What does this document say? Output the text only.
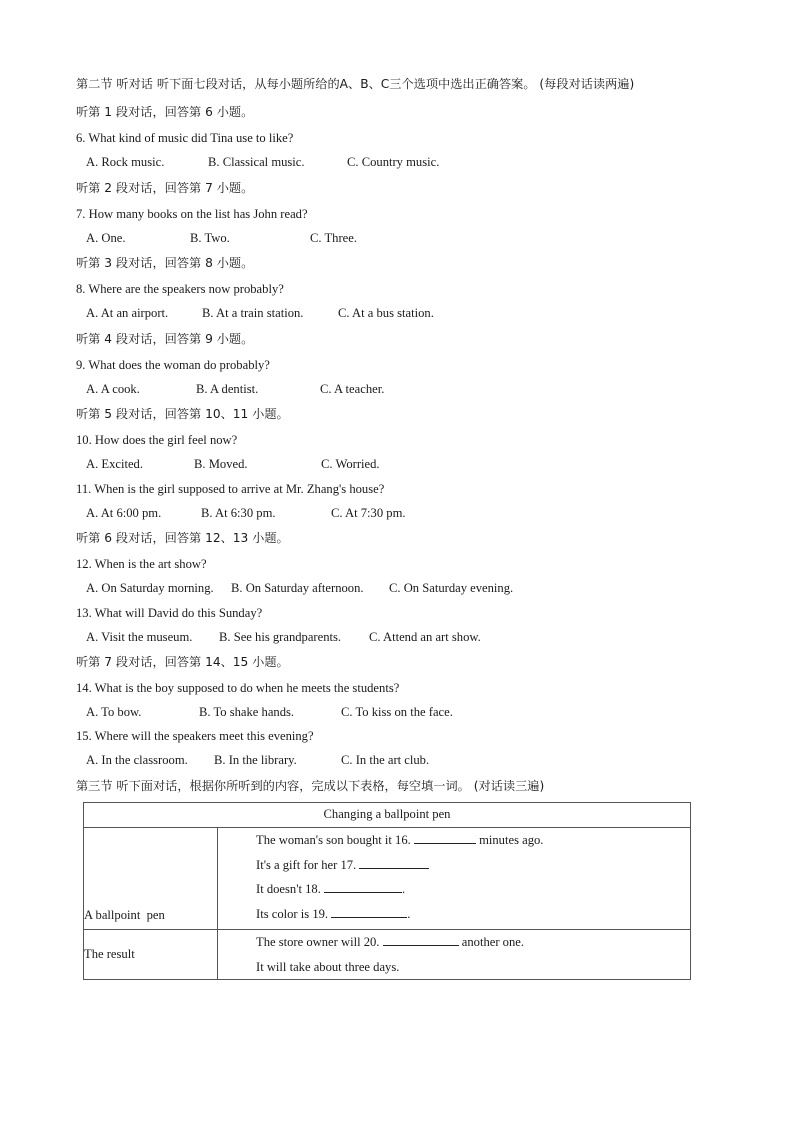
第二节 听对话 听下面七段对话，从每小题所给的A、B、C三个选项中选出正确答案。 (每段对话读两遍)
听第 1 段对话，回答第 6 小题。
6. What kind of music did Tina use to like?
A. Rock music.	B. Classical music.	C. Country music.
听第 2 段对话，回答第 7 小题。
7. How many books on the list has John read?
A. One.	B. Two.	C. Three.
听第 3 段对话，回答第 8 小题。
8. Where are the speakers now probably?
A. At an airport.	B. At a train station.	C. At a bus station.
听第 4 段对话，回答第 9 小题。
9. What does the woman do probably?
A. A cook.	B. A dentist.	C. A teacher.
听第 5 段对话，回答第 10、11 小题。
10. How does the girl feel now?
A. Excited.	B. Moved.	C. Worried.
11. When is the girl supposed to arrive at Mr. Zhang's house?
A. At 6:00 pm.	B. At 6:30 pm.	C. At 7:30 pm.
听第 6 段对话，回答第 12、13 小题。
12. When is the art show?
A. On Saturday morning. B. On Saturday afternoon. C. On Saturday evening.
13. What will David do this Sunday?
A. Visit the museum. B. See his grandparents. C. Attend an art show.
听第 7 段对话，回答第 14、15 小题。
14. What is the boy supposed to do when he meets the students?
A. To bow.	B. To shake hands.	C. To kiss on the face.
15. Where will the speakers meet this evening?
A. In the classroom. B. In the library.	C. In the art club.
第三节 听下面对话，根据你所听到的内容，完成以下表格，每空填一词。 (对话读三遍)
Changing a ballpoint pen	

A ballpoint  pen	The woman's son bought it 16. minutes ago.
It's a gift for her 17.
It doesn't 18. .
Its color is 19. .

The result	The store owner will 20. another one.
It will take about three days.
